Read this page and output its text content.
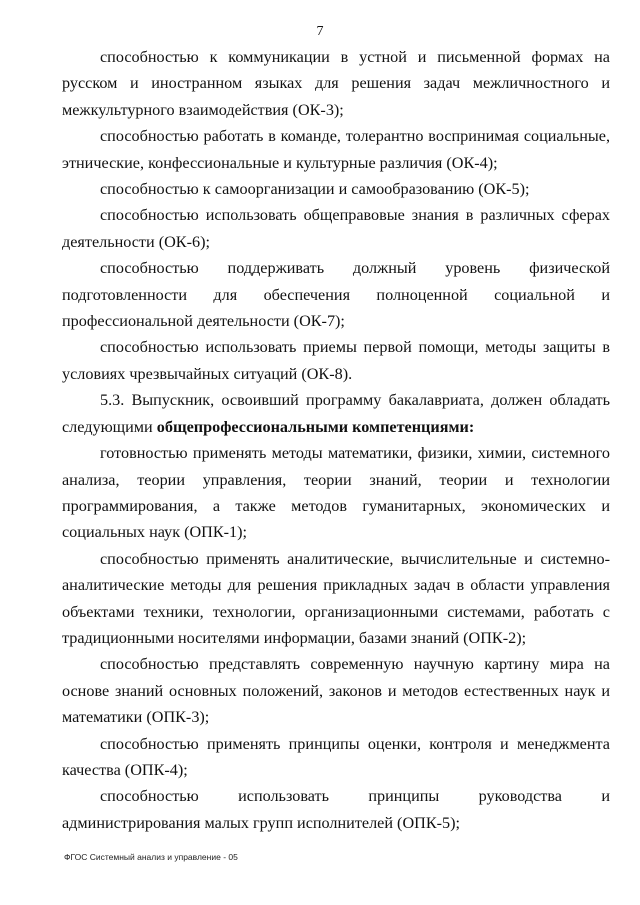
7

способностью к коммуникации в устной и письменной формах на русском и иностранном языках для решения задач межличностного и межкультурного взаимодействия (ОК-3);

способностью работать в команде, толерантно воспринимая социальные, этнические, конфессиональные и культурные различия (ОК-4);

способностью к самоорганизации и самообразованию (ОК-5);

способностью использовать общеправовые знания в различных сферах деятельности (ОК-6);

способностью поддерживать должный уровень физической подготовленности для обеспечения полноценной социальной и профессиональной деятельности (ОК-7);

способностью использовать приемы первой помощи, методы защиты в условиях чрезвычайных ситуаций (ОК-8).

5.3. Выпускник, освоивший программу бакалавриата, должен обладать следующими общепрофессиональными компетенциями:

готовностью применять методы математики, физики, химии, системного анализа, теории управления, теории знаний, теории и технологии программирования, а также методов гуманитарных, экономических и социальных наук (ОПК-1);

способностью применять аналитические, вычислительные и системно-аналитические методы для решения прикладных задач в области управления объектами техники, технологии, организационными системами, работать с традиционными носителями информации, базами знаний (ОПК-2);

способностью представлять современную научную картину мира на основе знаний основных положений, законов и методов естественных наук и математики (ОПК-3);

способностью применять принципы оценки, контроля и менеджмента качества (ОПК-4);

способностью использовать принципы руководства и администрирования малых групп исполнителей (ОПК-5);

ФГОС Системный анализ и управление - 05
